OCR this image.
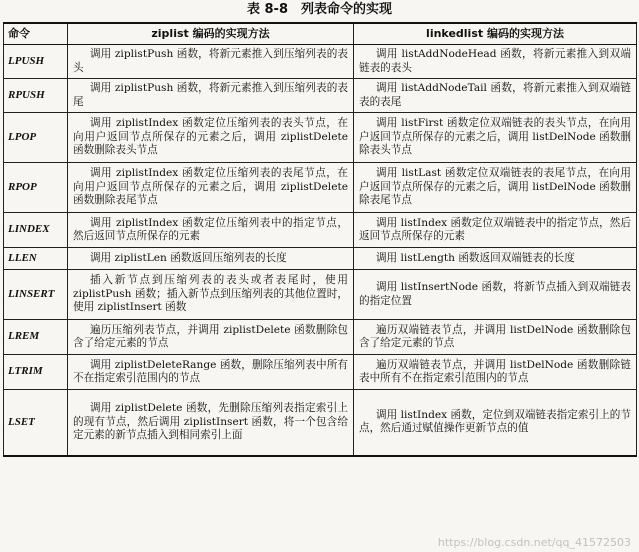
表 8-8　列表命令的实现
命令	ziplist 编码的实现方法	linkedlist 编码的实现方法
LPUSH	调用 ziplistPush 函数，将新元素推入到压缩列表的表头	调用 listAddNodeHead 函数，将新元素推入到双端链表的表头
RPUSH	调用 ziplistPush 函数，将新元素推入到压缩列表的表尾	调用 listAddNodeTail 函数，将新元素推入到双端链表的表尾
LPOP	调用 ziplistIndex 函数定位压缩列表的表头节点，在向用户返回节点所保存的元素之后，调用 ziplistDelete 函数删除表头节点	调用 listFirst 函数定位双端链表的表头节点，在向用户返回节点所保存的元素之后，调用 listDelNode 函数删除表头节点
RPOP	调用 ziplistIndex 函数定位压缩列表的表尾节点，在向用户返回节点所保存的元素之后，调用 ziplistDelete 函数删除表尾节点	调用 listLast 函数定位双端链表的表尾节点，在向用户返回节点所保存的元素之后，调用 listDelNode 函数删除表尾节点
LINDEX	调用 ziplistIndex 函数定位压缩列表中的指定节点，然后返回节点所保存的元素	调用 listIndex 函数定位双端链表中的指定节点，然后返回节点所保存的元素
LLEN	调用 ziplistLen 函数返回压缩列表的长度	调用 listLength 函数返回双端链表的长度
LINSERT	插入新节点到压缩列表的表头或者表尾时，使用 ziplistPush 函数；插入新节点到压缩列表的其他位置时，使用 ziplistInsert 函数	调用 listInsertNode 函数，将新节点插入到双端链表的指定位置
LREM	遍历压缩列表节点，并调用 ziplistDelete 函数删除包含了给定元素的节点	遍历双端链表节点，并调用 listDelNode 函数删除包含了给定元素的节点
LTRIM	调用 ziplistDeleteRange 函数，删除压缩列表中所有不在指定索引范围内的节点	遍历双端链表节点，并调用 listDelNode 函数删除链表中所有不在指定索引范围内的节点
LSET	调用 ziplistDelete 函数，先删除压缩列表指定索引上的现有节点，然后调用 ziplistInsert 函数，将一个包含给定元素的新节点插入到相同索引上面	调用 listIndex 函数，定位到双端链表指定索引上的节点，然后通过赋值操作更新节点的值
https://blog.csdn.net/qq_41572503
